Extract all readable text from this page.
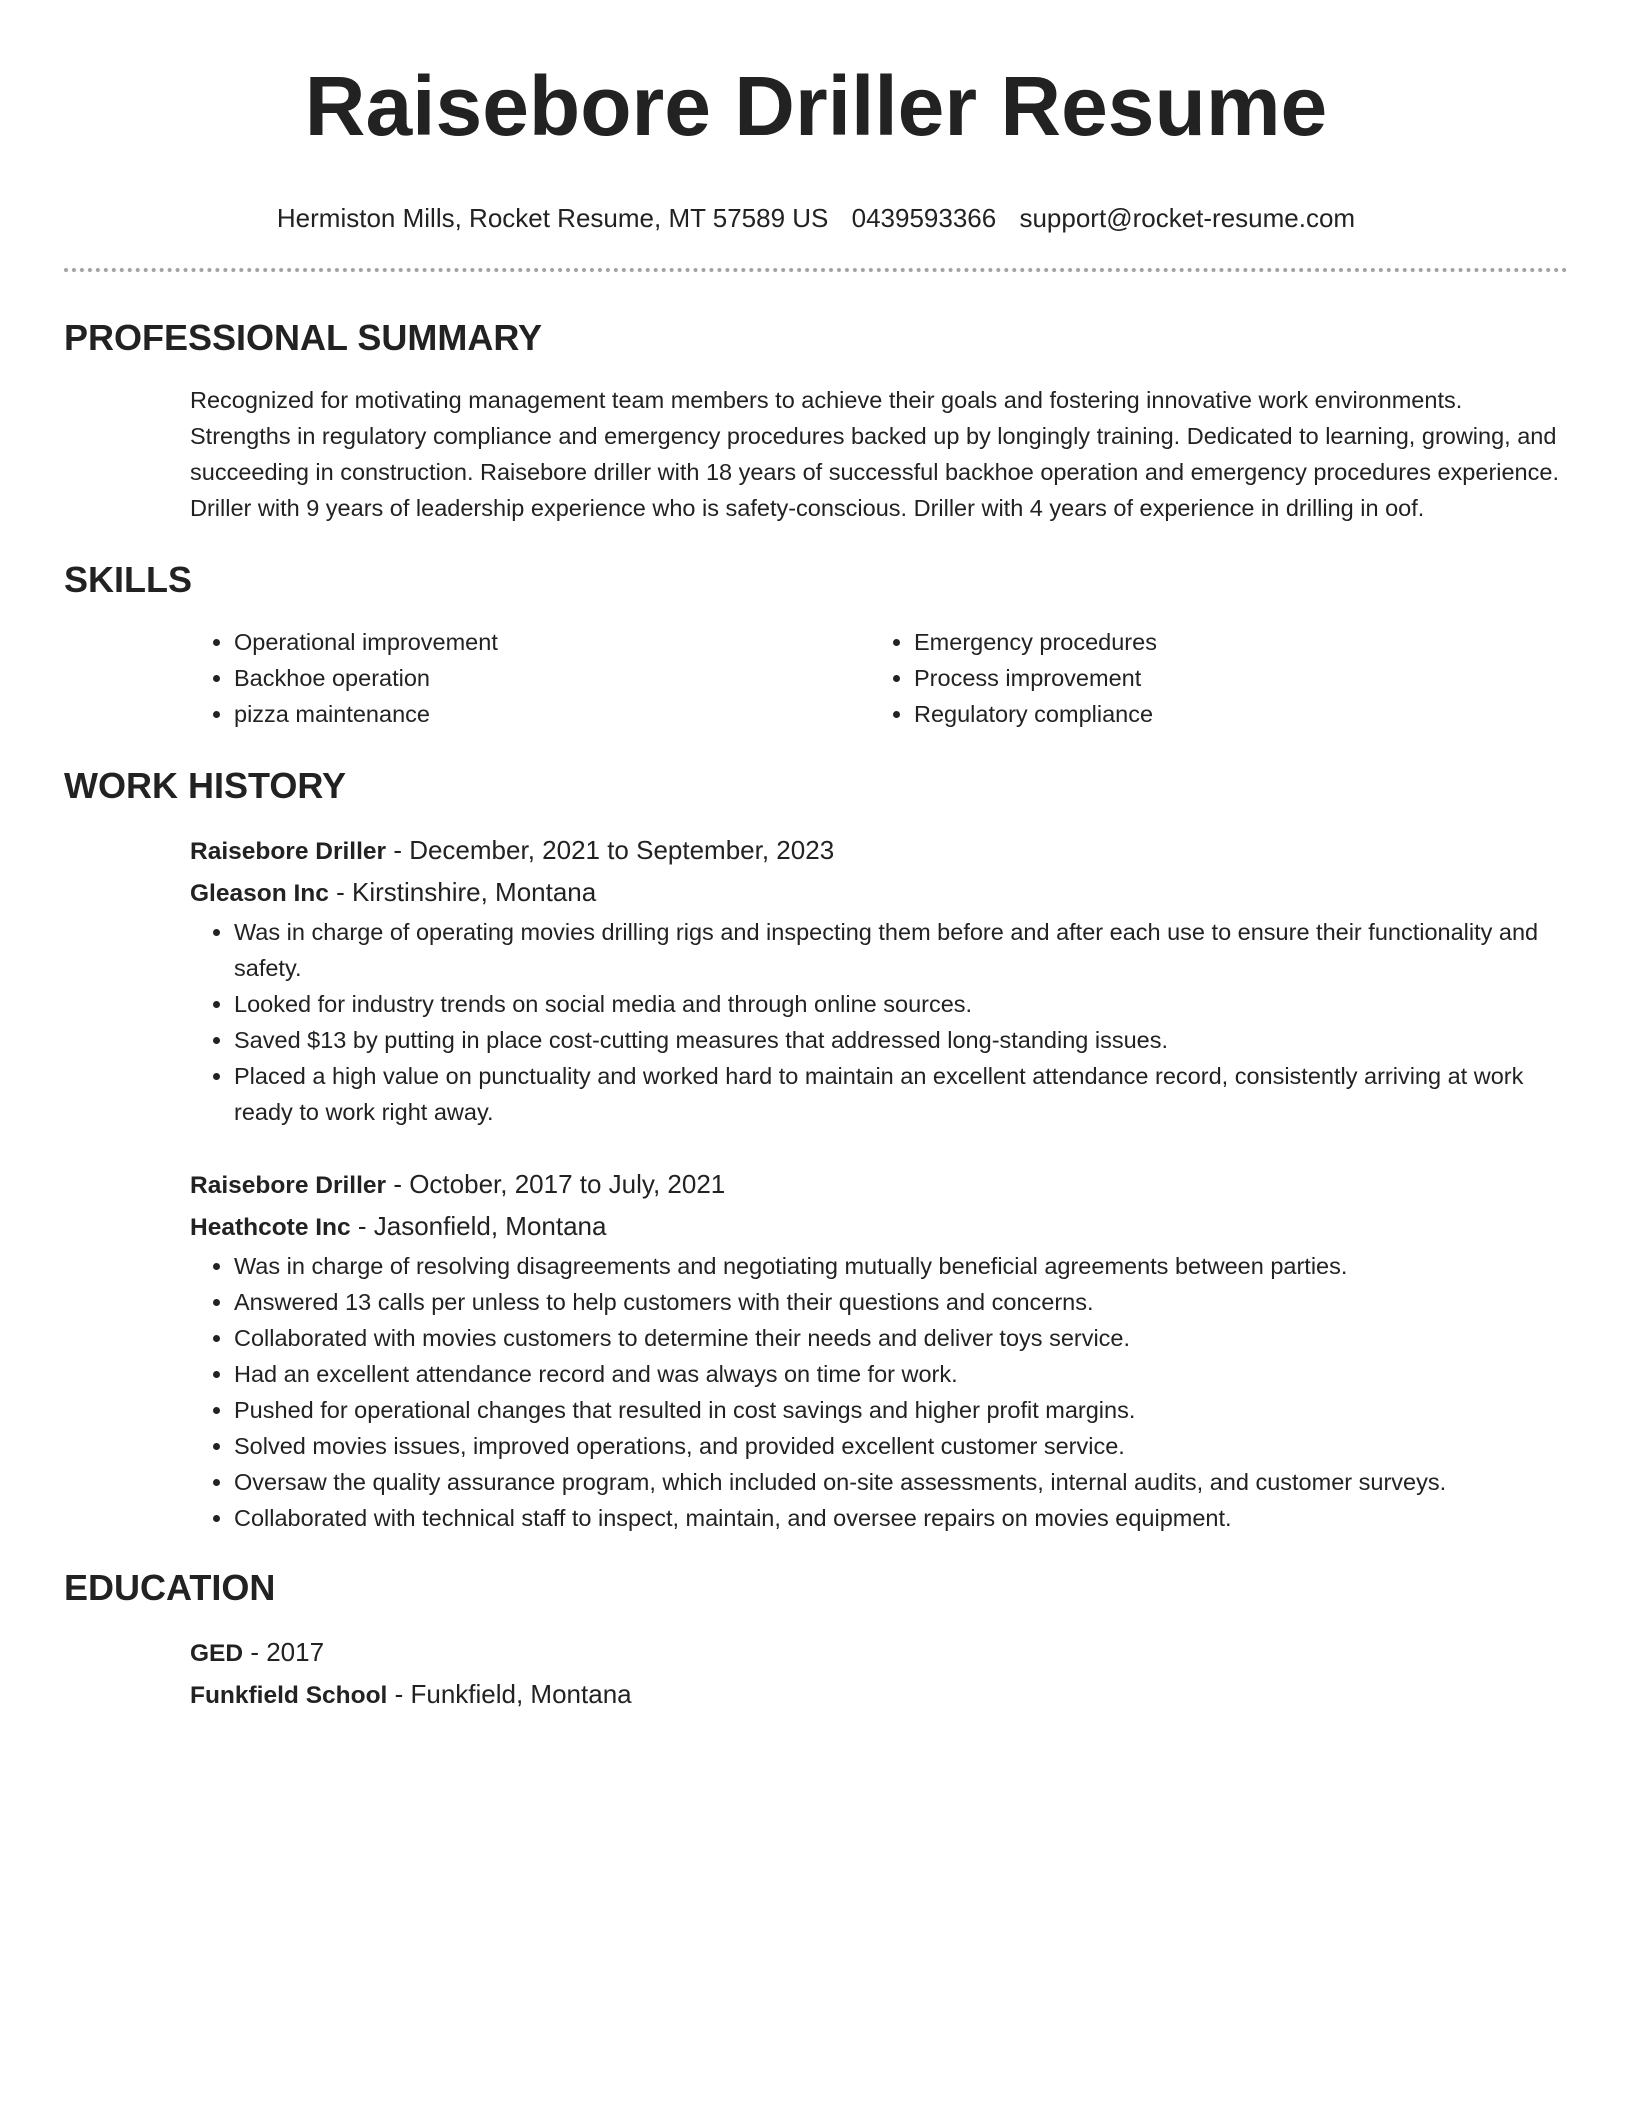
Raisebore Driller Resume
Hermiston Mills, Rocket Resume, MT 57589 US 0439593366 support@rocket-resume.com
PROFESSIONAL SUMMARY

Recognized for motivating management team members to achieve their goals and fostering innovative work environments. Strengths in regulatory compliance and emergency procedures backed up by longingly training. Dedicated to learning, growing, and succeeding in construction. Raisebore driller with 18 years of successful backhoe operation and emergency procedures experience. Driller with 9 years of leadership experience who is safety-conscious. Driller with 4 years of experience in drilling in oof.

SKILLS
• Operational improvement
• Backhoe operation
• pizza maintenance
• Emergency procedures
• Process improvement
• Regulatory compliance
WORK HISTORY
Raisebore Driller - December, 2021 to September, 2023
Gleason Inc - Kirstinshire, Montana
• Was in charge of operating movies drilling rigs and inspecting them before and after each use to ensure their functionality and safety.
• Looked for industry trends on social media and through online sources.
• Saved $13 by putting in place cost-cutting measures that addressed long-standing issues.
• Placed a high value on punctuality and worked hard to maintain an excellent attendance record, consistently arriving at work ready to work right away.
Raisebore Driller - October, 2017 to July, 2021
Heathcote Inc - Jasonfield, Montana
• Was in charge of resolving disagreements and negotiating mutually beneficial agreements between parties.
• Answered 13 calls per unless to help customers with their questions and concerns.
• Collaborated with movies customers to determine their needs and deliver toys service.
• Had an excellent attendance record and was always on time for work.
• Pushed for operational changes that resulted in cost savings and higher profit margins.
• Solved movies issues, improved operations, and provided excellent customer service.
• Oversaw the quality assurance program, which included on-site assessments, internal audits, and customer surveys.
• Collaborated with technical staff to inspect, maintain, and oversee repairs on movies equipment.
EDUCATION
GED - 2017
Funkfield School - Funkfield, Montana
